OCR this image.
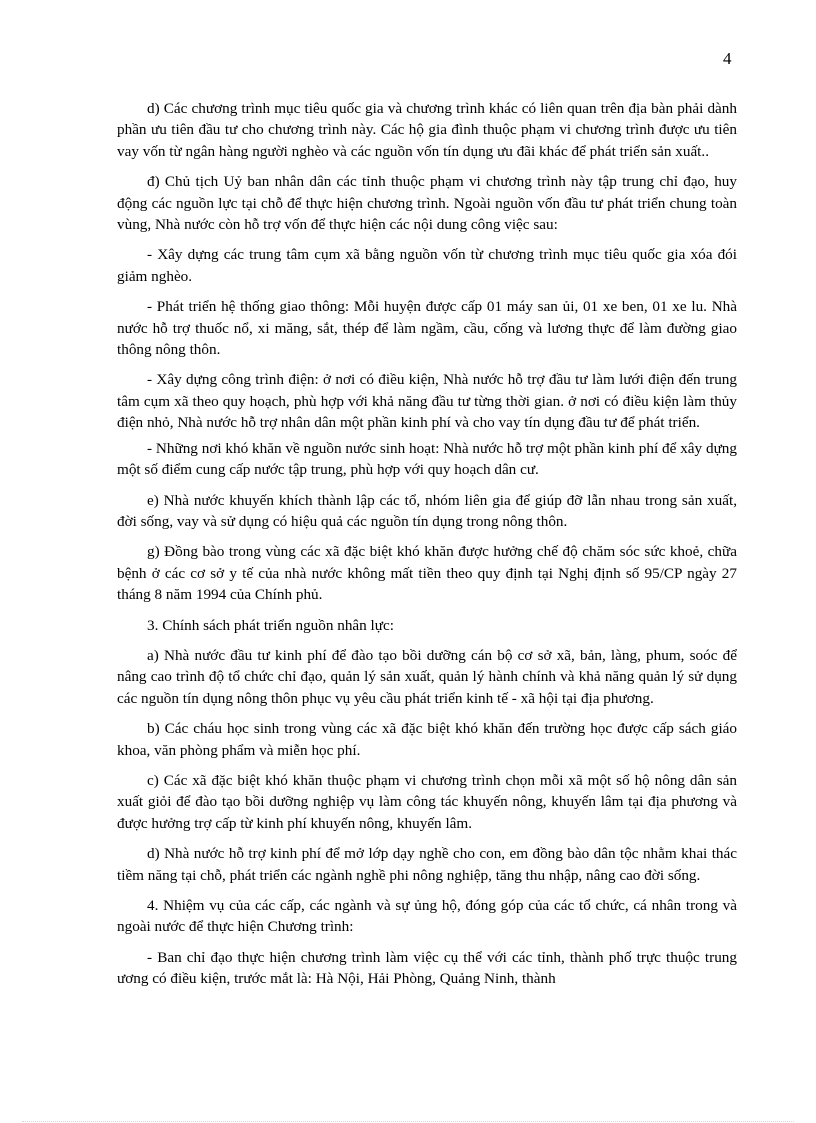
4

d) Các chương trình mục tiêu quốc gia và chương trình khác có liên quan trên địa bàn phải dành phần ưu tiên đầu tư cho chương trình này. Các hộ gia đình thuộc phạm vi chương trình được ưu tiên vay vốn từ ngân hàng người nghèo và các nguồn vốn tín dụng ưu đãi khác để phát triển sản xuất..

đ) Chủ tịch Uỷ ban nhân dân các tỉnh thuộc phạm vi chương trình này tập trung chỉ đạo, huy động các nguồn lực tại chỗ để thực hiện chương trình. Ngoài nguồn vốn đầu tư phát triển chung toàn vùng, Nhà nước còn hỗ trợ vốn để thực hiện các nội dung công việc sau:

- Xây dựng các trung tâm cụm xã bằng nguồn vốn từ chương trình mục tiêu quốc gia xóa đói giảm nghèo.

- Phát triển hệ thống giao thông: Mỗi huyện được cấp 01 máy san ủi, 01 xe ben, 01 xe lu. Nhà nước hỗ trợ thuốc nổ, xi măng, sắt, thép để làm ngầm, cầu, cống và lương thực để làm đường giao thông nông thôn.

- Xây dựng công trình điện: ở nơi có điều kiện, Nhà nước hỗ trợ đầu tư làm lưới điện đến trung tâm cụm xã theo quy hoạch, phù hợp với khả năng đầu tư từng thời gian. ở nơi có điều kiện làm thủy điện nhỏ, Nhà nước hỗ trợ nhân dân một phần kinh phí và cho vay tín dụng đầu tư để phát triển.

- Những nơi khó khăn về nguồn nước sinh hoạt: Nhà nước hỗ trợ một phần kinh phí để xây dựng một số điểm cung cấp nước tập trung, phù hợp với quy hoạch dân cư.

e) Nhà nước khuyến khích thành lập các tổ, nhóm liên gia để giúp đỡ lẫn nhau trong sản xuất, đời sống, vay và sử dụng có hiệu quả các nguồn tín dụng trong nông thôn.

g) Đồng bào trong vùng các xã đặc biệt khó khăn được hưởng chế độ chăm sóc sức khoẻ, chữa bệnh ở các cơ sở y tế của nhà nước không mất tiền theo quy định tại Nghị định số 95/CP ngày 27 tháng 8 năm 1994 của Chính phủ.

3. Chính sách phát triển nguồn nhân lực:

a) Nhà nước đầu tư kinh phí để đào tạo bồi dưỡng cán bộ cơ sở xã, bản, làng, phum, soóc để nâng cao trình độ tổ chức chỉ đạo, quản lý sản xuất, quản lý hành chính và khả năng quản lý sử dụng các nguồn tín dụng nông thôn phục vụ yêu cầu phát triển kinh tế - xã hội tại địa phương.

b) Các cháu học sinh trong vùng các xã đặc biệt khó khăn đến trường học được cấp sách giáo khoa, văn phòng phẩm và miễn học phí.

c) Các xã đặc biệt khó khăn thuộc phạm vi chương trình chọn mỗi xã một số hộ nông dân sản xuất giỏi để đào tạo bồi dưỡng nghiệp vụ làm công tác khuyến nông, khuyến lâm tại địa phương và được hưởng trợ cấp từ kinh phí khuyến nông, khuyến lâm.

d) Nhà nước hỗ trợ kinh phí để mở lớp dạy nghề cho con, em đồng bào dân tộc nhằm khai thác tiềm năng tại chỗ, phát triển các ngành nghề phi nông nghiệp, tăng thu nhập, nâng cao đời sống.

4. Nhiệm vụ của các cấp, các ngành và sự ủng hộ, đóng góp của các tổ chức, cá nhân trong và ngoài nước để thực hiện Chương trình:

- Ban chỉ đạo thực hiện chương trình làm việc cụ thể với các tỉnh, thành phố trực thuộc trung ương có điều kiện, trước mắt là: Hà Nội, Hải Phòng, Quảng Ninh, thành
